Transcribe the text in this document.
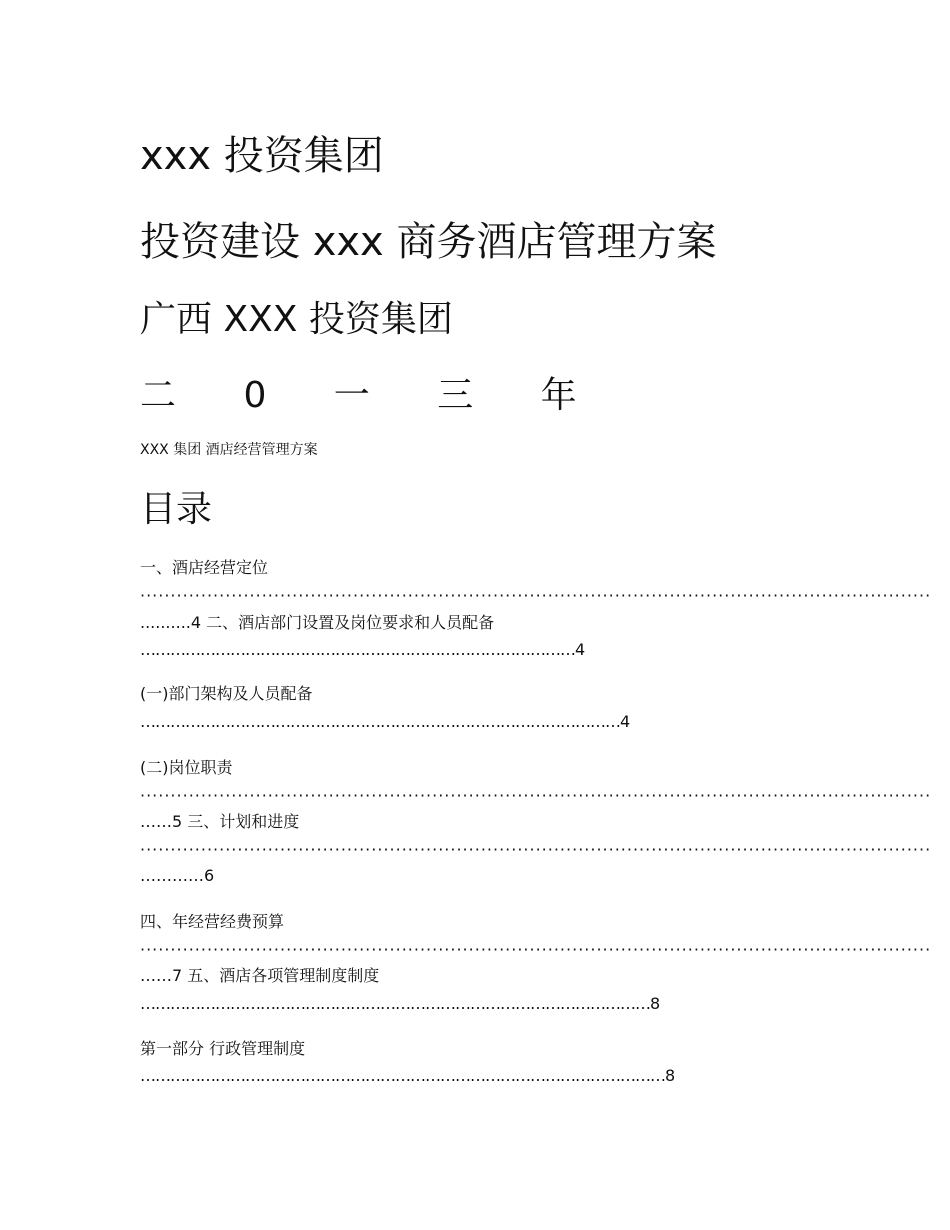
xxx 投资集团
投资建设 xxx 商务酒店管理方案
广西 XXX 投资集团
二 0 一 三 年
XXX 集团 酒店经营管理方案
目录
一、酒店经营定位
··································································································································
..........4 二、酒店部门设置及岗位要求和人员配备
……………………………………………………………………………4
(一)部门架构及人员配备
……………………………………………………………………………………4
(二)岗位职责
··································································································································
……5 三、计划和进度
··································································································································
…………6
四、年经营经费预算
··································································································································
……7 五、酒店各项管理制度制度
…………………………………………………………………………………………8
第一部分 行政管理制度
……………………………………………………………………………………………8
